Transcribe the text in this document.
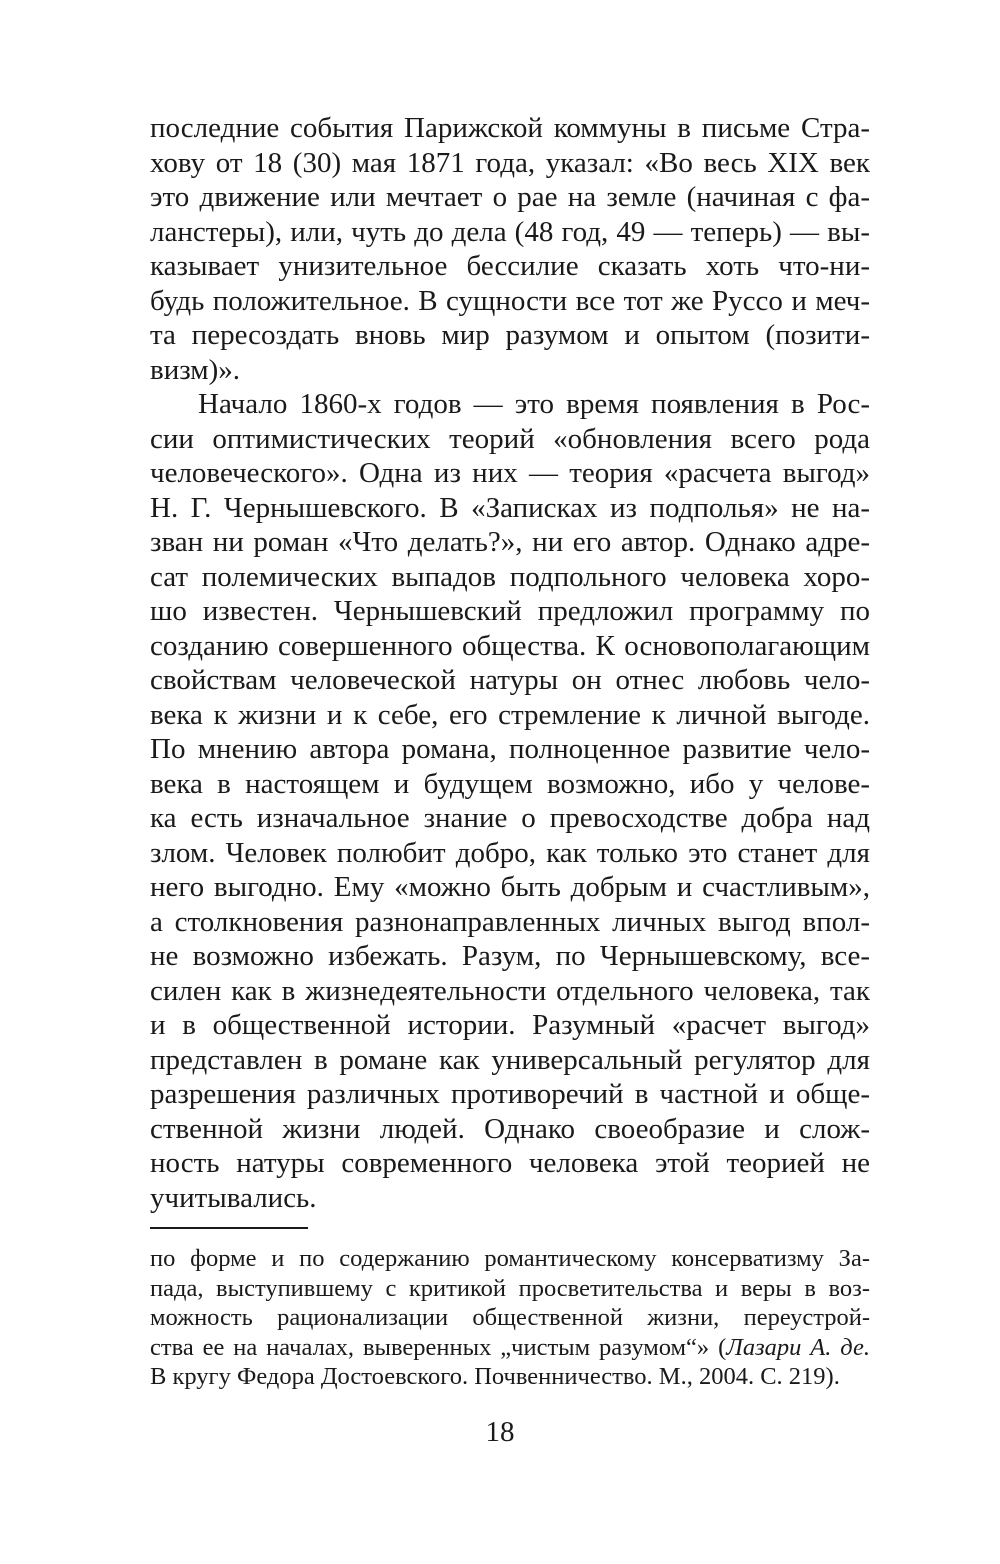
последние события Парижской коммуны в письме Стра-
хову от 18 (30) мая 1871 года, указал: «Во весь XIX век
это движение или мечтает о рае на земле (начиная с фа-
ланстеры), или, чуть до дела (48 год, 49 — теперь) — вы-
казывает унизительное бессилие сказать хоть что-ни-
будь положительное. В сущности все тот же Руссо и меч-
та пересоздать вновь мир разумом и опытом (позити-
визм)».
Начало 1860-х годов — это время появления в Рос-
сии оптимистических теорий «обновления всего рода
человеческого». Одна из них — теория «расчета выгод»
Н. Г. Чернышевского. В «Записках из подполья» не на-
зван ни роман «Что делать?», ни его автор. Однако адре-
сат полемических выпадов подпольного человека хоро-
шо известен. Чернышевский предложил программу по
созданию совершенного общества. К основополагающим
свойствам человеческой натуры он отнес любовь чело-
века к жизни и к себе, его стремление к личной выгоде.
По мнению автора романа, полноценное развитие чело-
века в настоящем и будущем возможно, ибо у челове-
ка есть изначальное знание о превосходстве добра над
злом. Человек полюбит добро, как только это станет для
него выгодно. Ему «можно быть добрым и счастливым»,
а столкновения разнонаправленных личных выгод впол-
не возможно избежать. Разум, по Чернышевскому, все-
силен как в жизнедеятельности отдельного человека, так
и в общественной истории. Разумный «расчет выгод»
представлен в романе как универсальный регулятор для
разрешения различных противоречий в частной и обще-
ственной жизни людей. Однако своеобразие и слож-
ность натуры современного человека этой теорией не
учитывались.
по форме и по содержанию романтическому консерватизму За-
пада, выступившему с критикой просветительства и веры в воз-
можность рационализации общественной жизни, переустрой-
ства ее на началах, выверенных „чистым разумом“» (Лазари А. де.
В кругу Федора Достоевского. Почвенничество. М., 2004. С. 219).
18
